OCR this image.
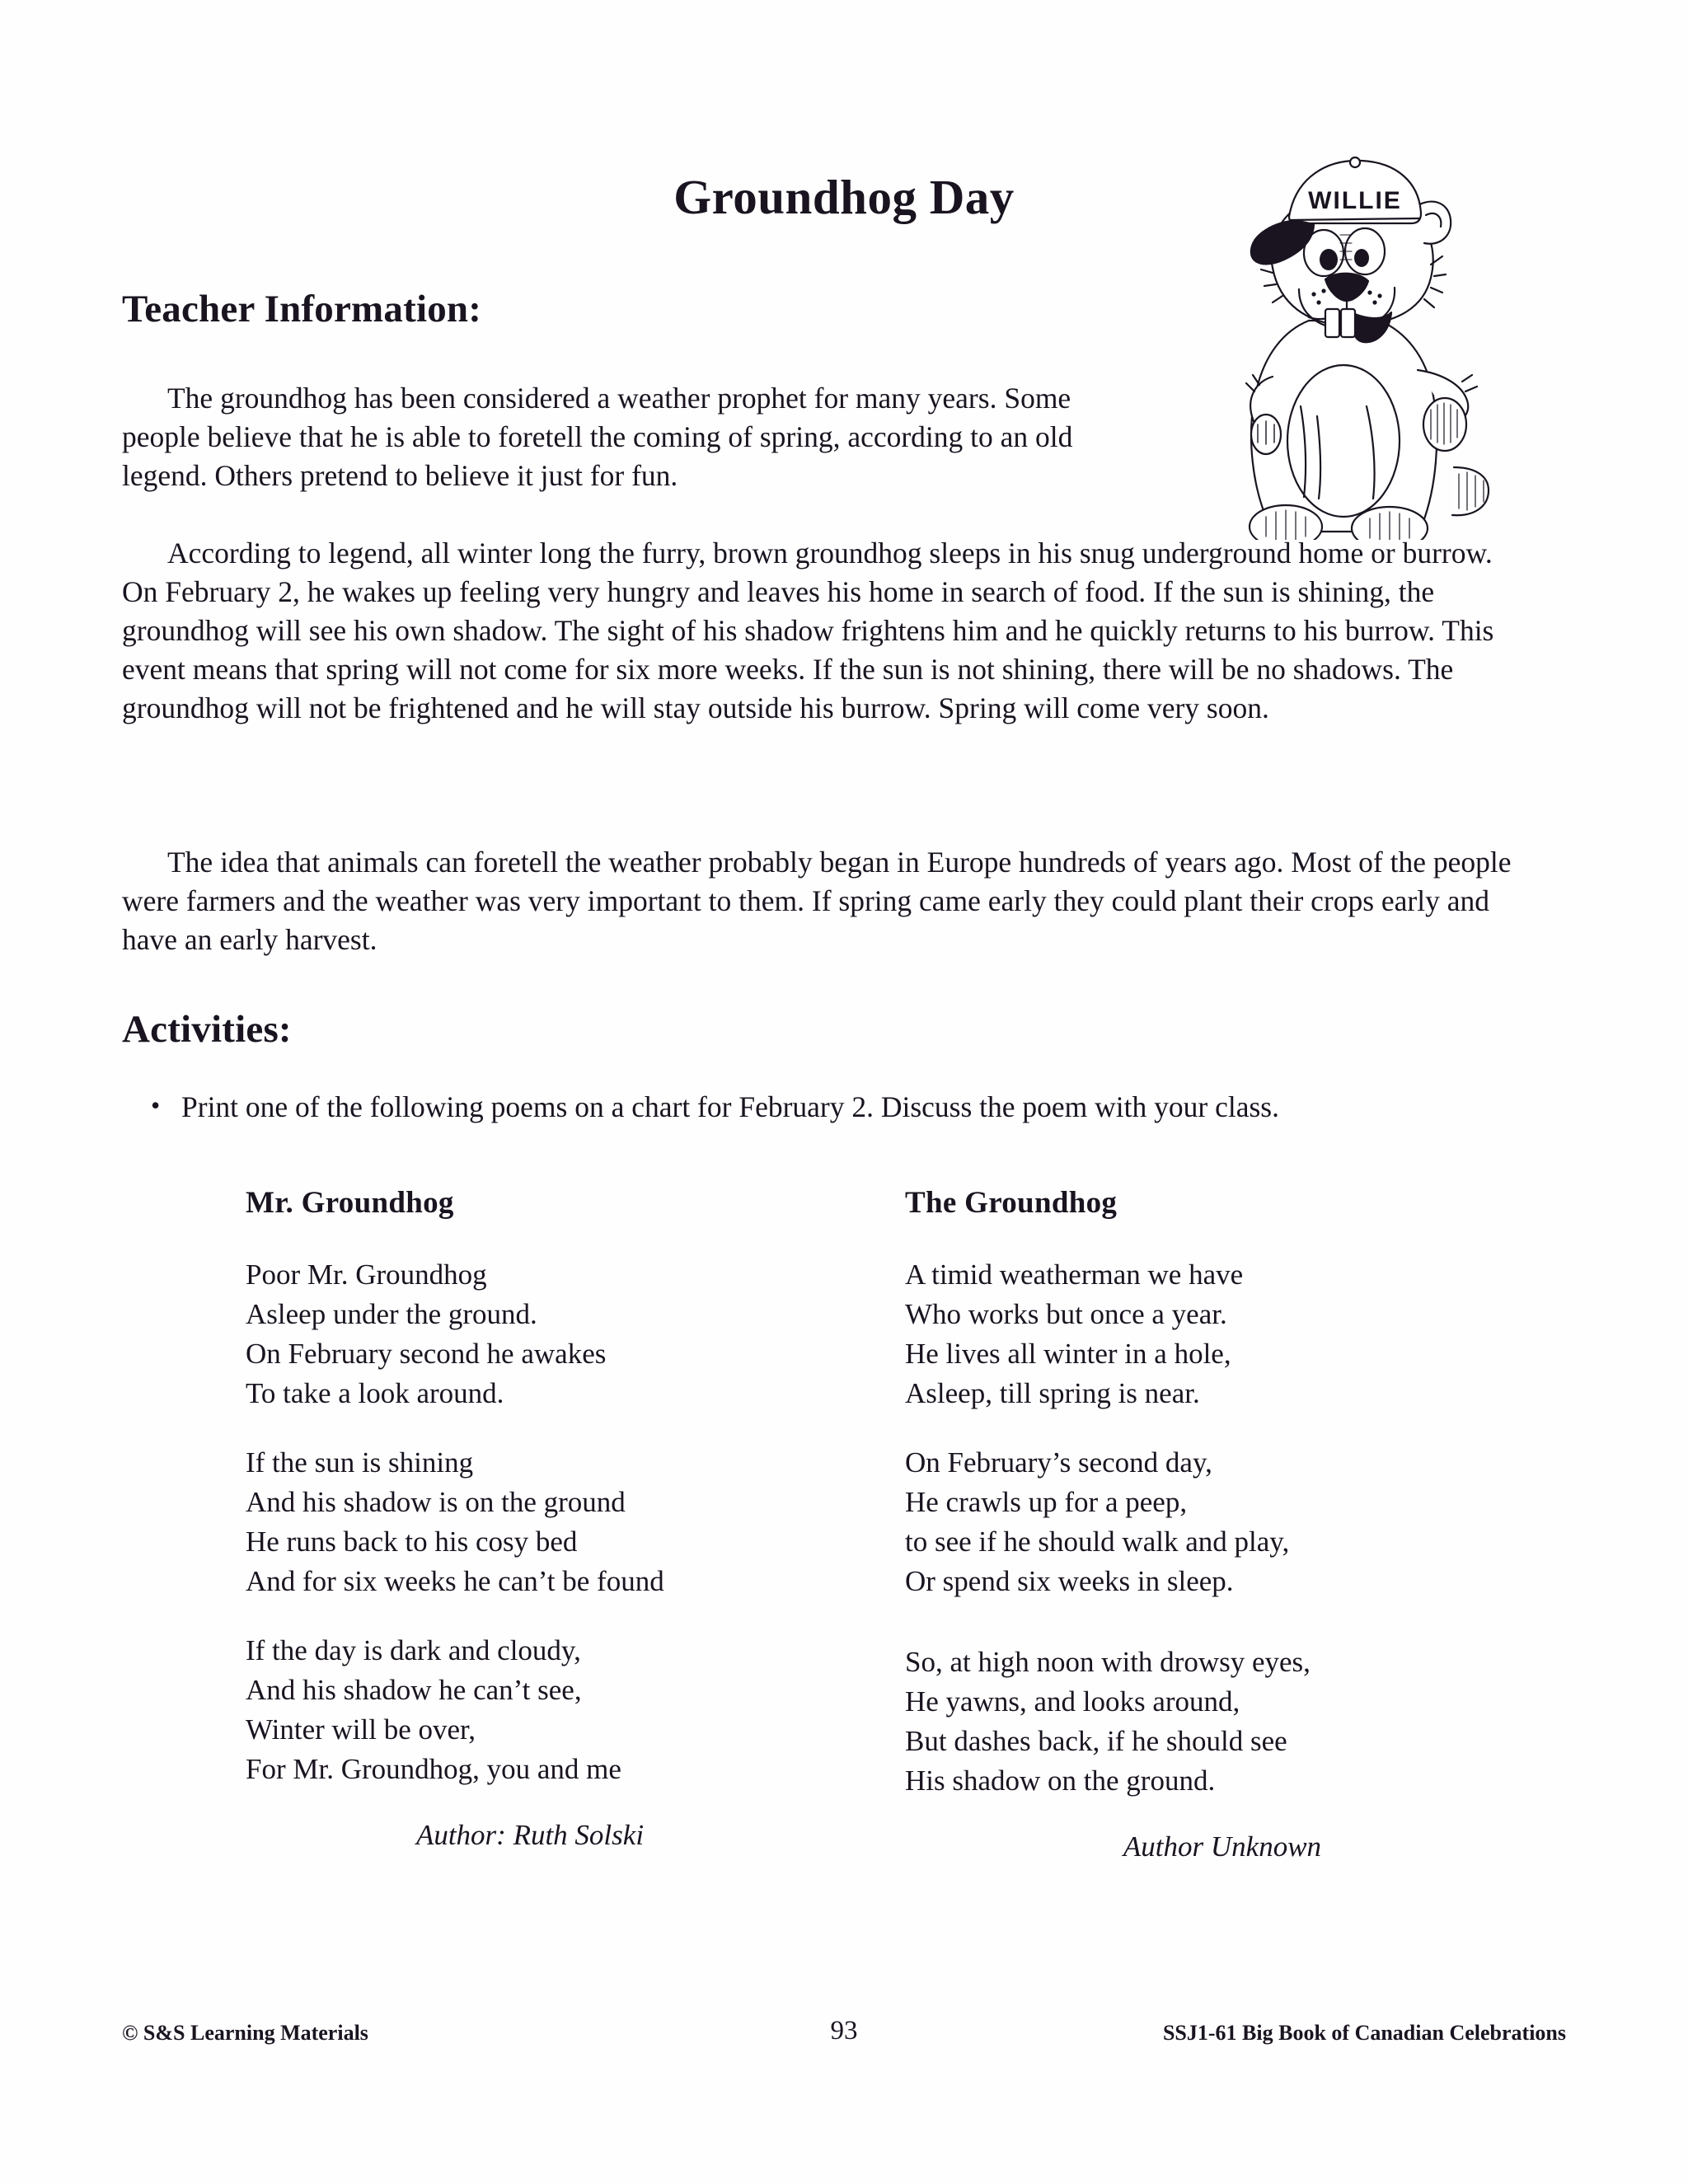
Groundhog Day	WILLIE
Teacher Information:

The groundhog has been considered a weather prophet for many years. Some people believe that he is able to foretell the coming of spring, according to an old legend. Others pretend to believe it just for fun.

According to legend, all winter long the furry, brown groundhog sleeps in his snug underground home or burrow. On February 2, he wakes up feeling very hungry and leaves his home in search of food. If the sun is shining, the groundhog will see his own shadow. The sight of his shadow frightens him and he quickly returns to his burrow. This event means that spring will not come for six more weeks. If the sun is not shining, there will be no shadows. The groundhog will not be frightened and he will stay outside his burrow. Spring will come very soon.

The idea that animals can foretell the weather probably began in Europe hundreds of years ago. Most of the people were farmers and the weather was very important to them. If spring came early they could plant their crops early and have an early harvest.

Activities:
• Print one of the following poems on a chart for February 2. Discuss the poem with your class.
Mr. Groundhog
Poor Mr. Groundhog
Asleep under the ground.
On February second he awakes
To take a look around.
If the sun is shining
And his shadow is on the ground
He runs back to his cosy bed
And for six weeks he can’t be found
If the day is dark and cloudy,
And his shadow he can’t see,
Winter will be over,
For Mr. Groundhog, you and me
Author: Ruth Solski
The Groundhog
A timid weatherman we have
Who works but once a year.
He lives all winter in a hole,
Asleep, till spring is near.
On February’s second day,
He crawls up for a peep,
to see if he should walk and play,
Or spend six weeks in sleep.
So, at high noon with drowsy eyes,
He yawns, and looks around,
But dashes back, if he should see
His shadow on the ground.
Author Unknown
© S&S Learning Materials	93	SSJ1-61 Big Book of Canadian Celebrations
